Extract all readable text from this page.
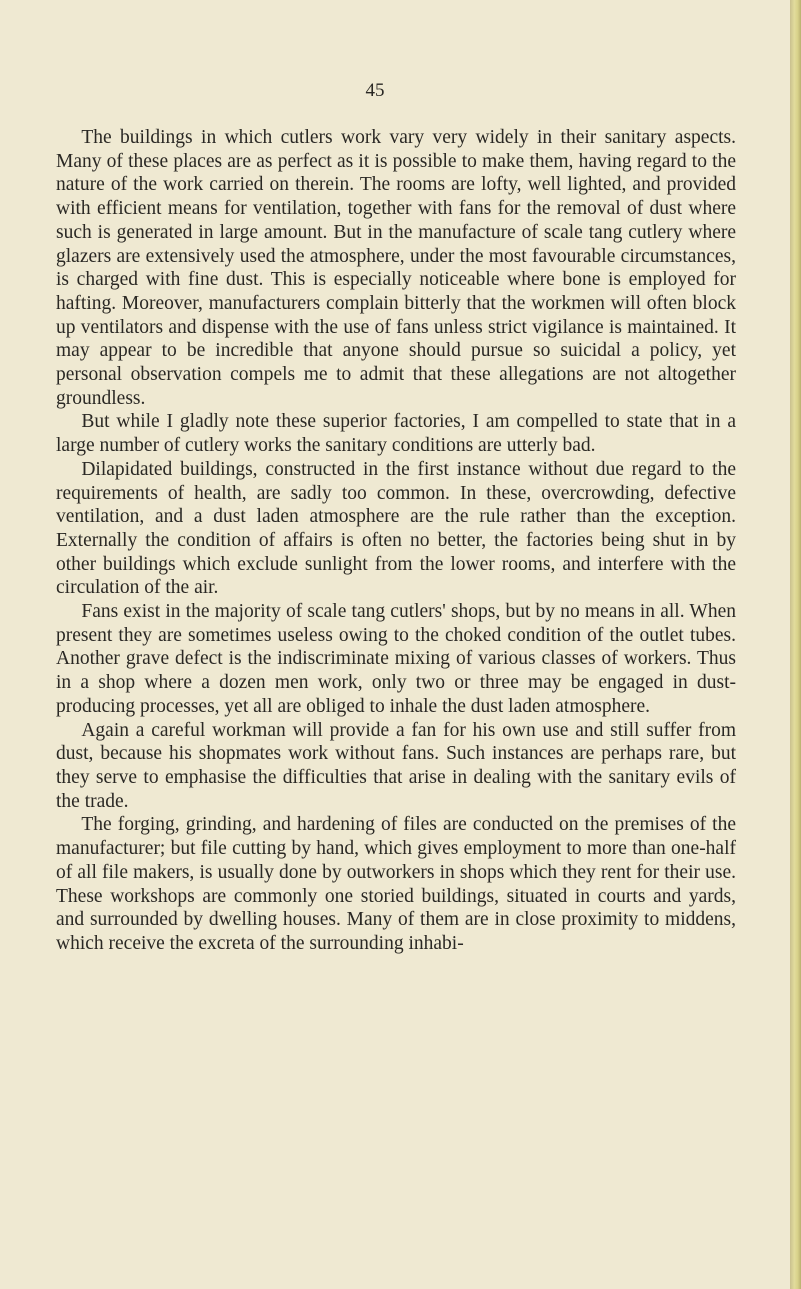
45

The buildings in which cutlers work vary very widely in their sanitary aspects. Many of these places are as perfect as it is possible to make them, having regard to the nature of the work carried on therein. The rooms are lofty, well lighted, and provided with efficient means for ventilation, together with fans for the removal of dust where such is generated in large amount. But in the manufacture of scale tang cutlery where glazers are extensively used the atmosphere, under the most favourable circumstances, is charged with fine dust. This is especially noticeable where bone is employed for hafting. Moreover, manufacturers complain bitterly that the workmen will often block up ventilators and dispense with the use of fans unless strict vigilance is maintained. It may appear to be incredible that anyone should pursue so suicidal a policy, yet personal observation compels me to admit that these allegations are not altogether groundless.

But while I gladly note these superior factories, I am compelled to state that in a large number of cutlery works the sanitary conditions are utterly bad.

Dilapidated buildings, constructed in the first instance without due regard to the requirements of health, are sadly too common. In these, overcrowding, defective ventilation, and a dust laden atmosphere are the rule rather than the exception. Externally the condition of affairs is often no better, the factories being shut in by other buildings which exclude sunlight from the lower rooms, and interfere with the circulation of the air.

Fans exist in the majority of scale tang cutlers' shops, but by no means in all. When present they are sometimes useless owing to the choked condition of the outlet tubes. Another grave defect is the indiscriminate mixing of various classes of workers. Thus in a shop where a dozen men work, only two or three may be engaged in dust-producing processes, yet all are obliged to inhale the dust laden atmosphere.

Again a careful workman will provide a fan for his own use and still suffer from dust, because his shopmates work without fans. Such instances are perhaps rare, but they serve to emphasise the difficulties that arise in dealing with the sanitary evils of the trade.

The forging, grinding, and hardening of files are conducted on the premises of the manufacturer; but file cutting by hand, which gives employment to more than one-half of all file makers, is usually done by outworkers in shops which they rent for their use. These workshops are commonly one storied buildings, situated in courts and yards, and surrounded by dwelling houses. Many of them are in close proximity to middens, which receive the excreta of the surrounding inhabi-
